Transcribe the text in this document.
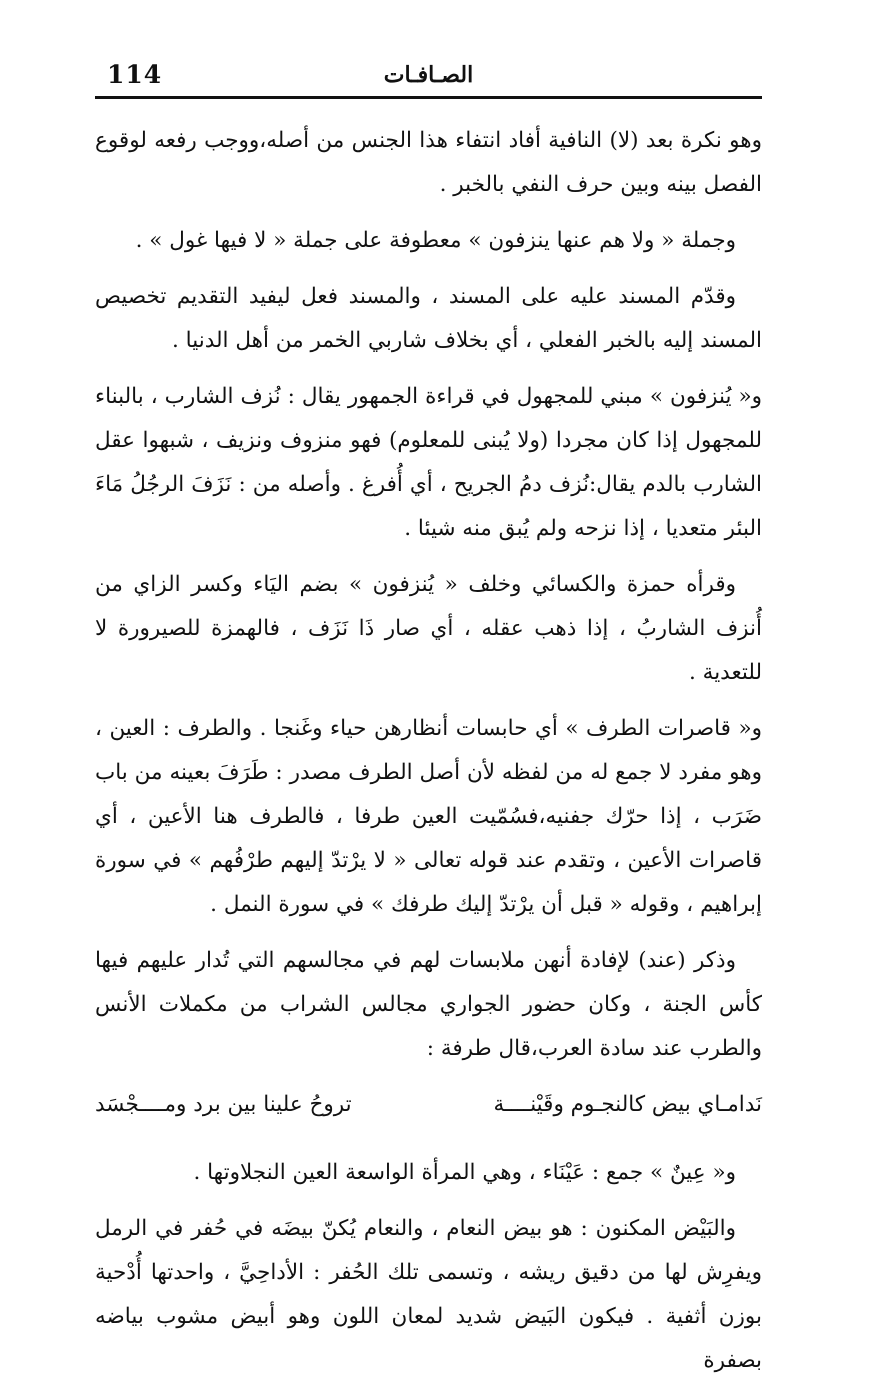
الصـافـات
114

وهو نكرة بعد (لا) النافية أفاد انتفاء هذا الجنس من أصله،ووجب رفعه لوقوع الفصل بينه وبين حرف النفي بالخبر .

وجملة « ولا هم عنها ينزفون » معطوفة على جملة « لا فيها غول » .

وقدّم المسند عليه على المسند ، والمسند فعل ليفيد التقديم تخصيص المسند إليه بالخبر الفعلي ، أي بخلاف شاربي الخمر من أهل الدنيا .

و« يُنزفون » مبني للمجهول في قراءة الجمهور يقال : نُزف الشارب ، بالبناء للمجهول إذا كان مجردا (ولا يُبنى للمعلوم) فهو منزوف ونزيف ، شبهوا عقل الشارب بالدم يقال:نُزف دمُ الجريح ، أي أُفرغ . وأصله من : نَزَفَ الرجُلُ مَاءَ البئر متعديا ، إذا نزحه ولم يُبق منه شيئا .

وقرأه حمزة والكسائي وخلف « يُنزفون » بضم اليَاء وكسر الزاي من أُنزف الشاربُ ، إذا ذهب عقله ، أي صار ذَا نَزَف ، فالهمزة للصيرورة لا للتعدية .

و« قاصرات الطرف » أي حابسات أنظارهن حياء وغَنجا . والطرف : العين ، وهو مفرد لا جمع له من لفظه لأن أصل الطرف مصدر : طَرَفَ بعينه من باب ضَرَب ، إذا حرّك جفنيه،فسُمّيت العين طرفا ، فالطرف هنا الأعين ، أي قاصرات الأعين ، وتقدم عند قوله تعالى « لا يرْتدّ إليهم طرْفُهم » في سورة إبراهيم ، وقوله « قبل أن يرْتدّ إليك طرفك » في سورة النمل .

وذكر (عند) لإفادة أنهن ملابسات لهم في مجالسهم التي تُدار عليهم فيها كأس الجنة ، وكان حضور الجواري مجالس الشراب من مكملات الأنس والطرب عند سادة العرب،قال طرفة :

نَدامـاي بيض كالنجـوم وقَيْنــــة
تروحُ علينا بين برد ومــــجْسَد

و« عِينٌ » جمع : عَيْنَاء ، وهي المرأة الواسعة العين النجلاوتها .

والبَيْض المكنون : هو بيض النعام ، والنعام يُكنّ بيضَه في حُفر في الرمل ويفرِش لها من دقيق ريشه ، وتسمى تلك الحُفر : الأداحِيَّ ، واحدتها أُدْحية بوزن أثفية . فيكون البَيض شديد لمعان اللون وهو أبيض مشوب بياضه بصفرة
